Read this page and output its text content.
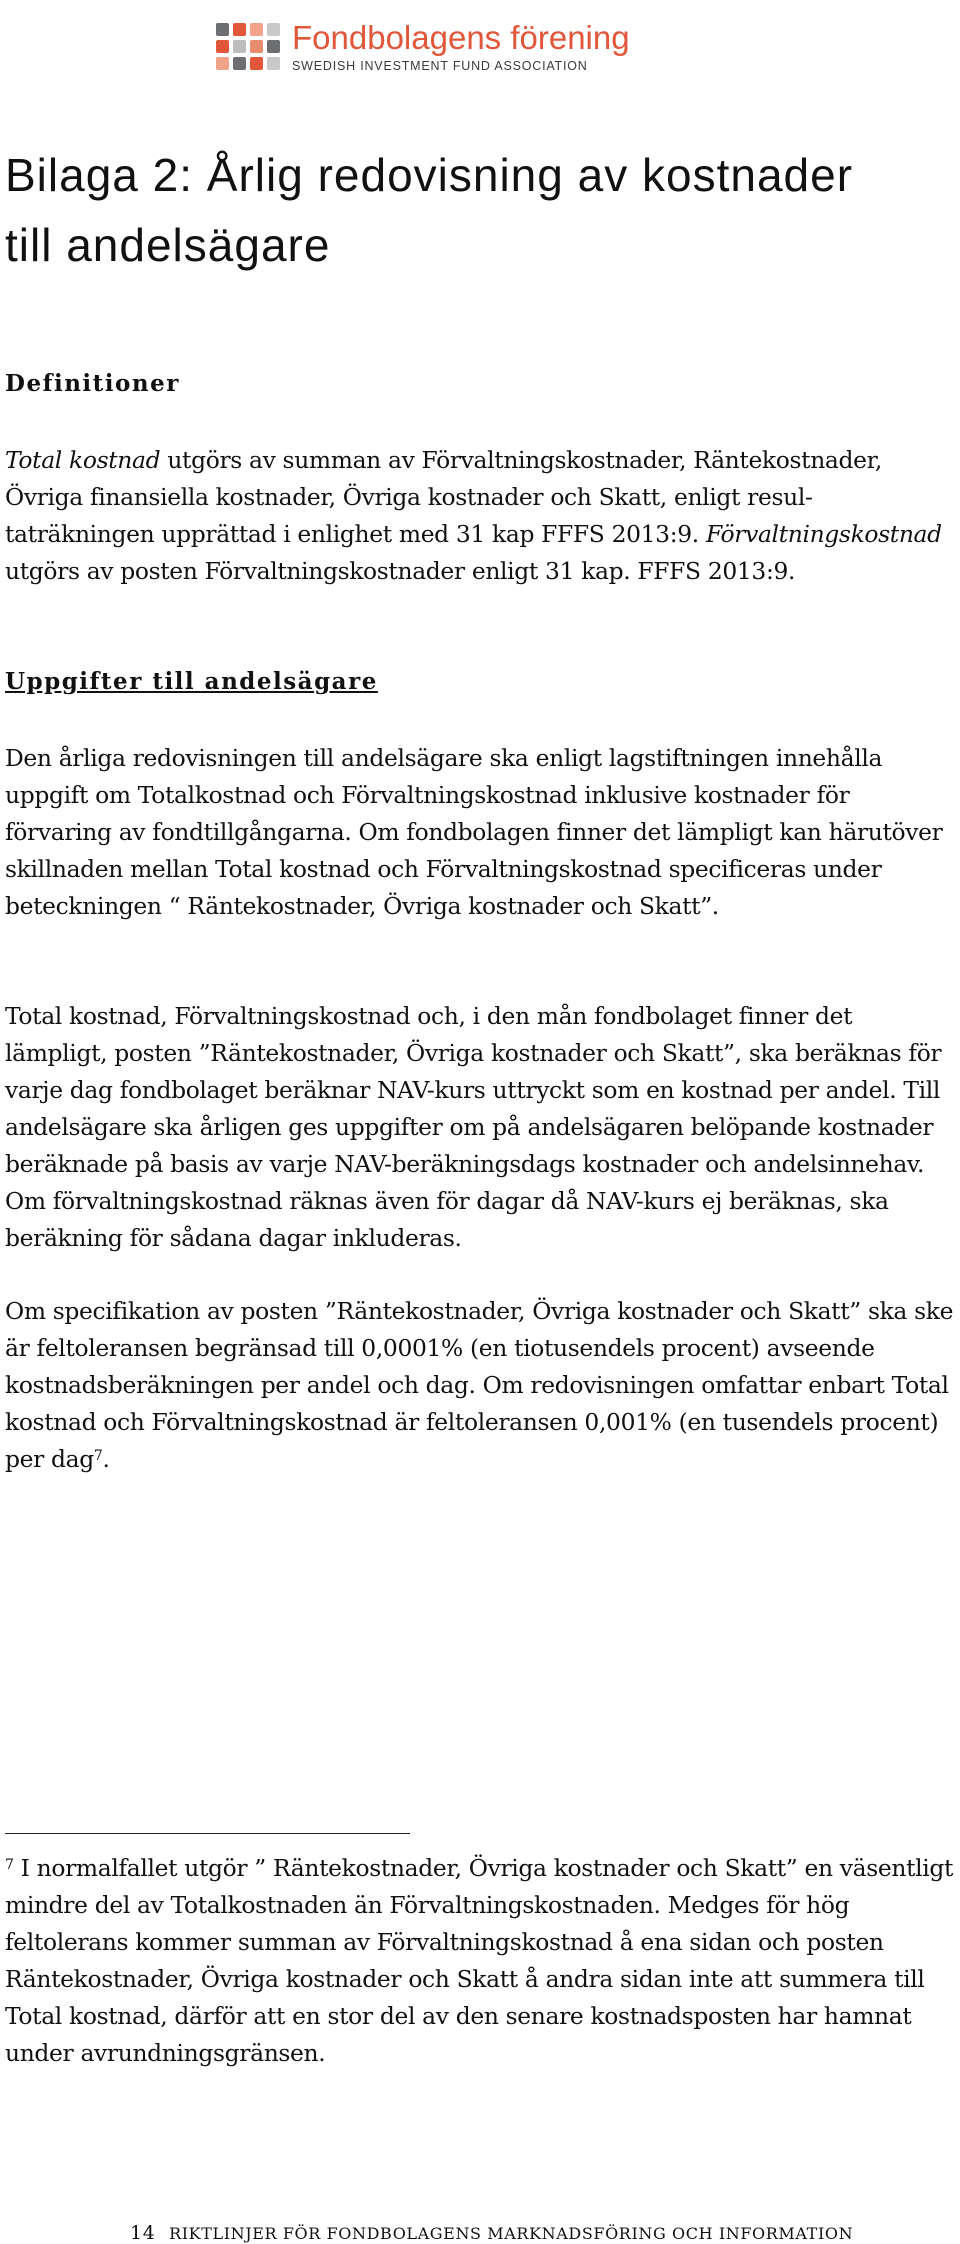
Fondbolagens förening
SWEDISH INVESTMENT FUND ASSOCIATION
Bilaga 2: Årlig redovisning av kostnader till andelsägare
Definitioner

Total kostnad utgörs av summan av Förvaltningskostnader, Räntekostnader, Övriga finansiella kostnader, Övriga kostnader och Skatt, enligt resul-taträkningen upprättad i enlighet med 31 kap FFFS 2013:9. Förvaltningskostnad utgörs av posten Förvaltningskostnader enligt 31 kap. FFFS 2013:9.

Uppgifter till andelsägare

Den årliga redovisningen till andelsägare ska enligt lagstiftningen innehålla uppgift om Totalkostnad och Förvaltningskostnad inklusive kostnader för förvaring av fondtillgångarna. Om fondbolagen finner det lämpligt kan härutöver skillnaden mellan Total kostnad och Förvaltningskostnad specificeras under beteckningen “ Räntekostnader, Övriga kostnader och Skatt”.

Total kostnad, Förvaltningskostnad och, i den mån fondbolaget finner det lämpligt, posten ”Räntekostnader, Övriga kostnader och Skatt”, ska beräknas för varje dag fondbolaget beräknar NAV-kurs uttryckt som en kostnad per andel. Till andelsägare ska årligen ges uppgifter om på andelsägaren belöpande kostnader beräknade på basis av varje NAV-beräkningsdags kostnader och andelsinnehav. Om förvaltningskostnad räknas även för dagar då NAV-kurs ej beräknas, ska beräkning för sådana dagar inkluderas.

Om specifikation av posten ”Räntekostnader, Övriga kostnader och Skatt” ska ske är feltoleransen begränsad till 0,0001% (en tiotusendels procent) avseende kostnadsberäkningen per andel och dag. Om redovisningen omfattar enbart Total kostnad och Förvaltningskostnad är feltoleransen 0,001% (en tusendels procent) per dag$^7$.

$^7$ I normalfallet utgör ” Räntekostnader, Övriga kostnader och Skatt” en väsentligt mindre del av Totalkostnaden än Förvaltningskostnaden. Medges för hög feltolerans kommer summan av Förvaltningskostnad å ena sidan och posten Räntekostnader, Övriga kostnader och Skatt å andra sidan inte att summera till Total kostnad, därför att en stor del av den senare kostnadsposten har hamnat under avrundningsgränsen.

14 RIKTLINJER FÖR FONDBOLAGENS MARKNADSFÖRING OCH INFORMATION
